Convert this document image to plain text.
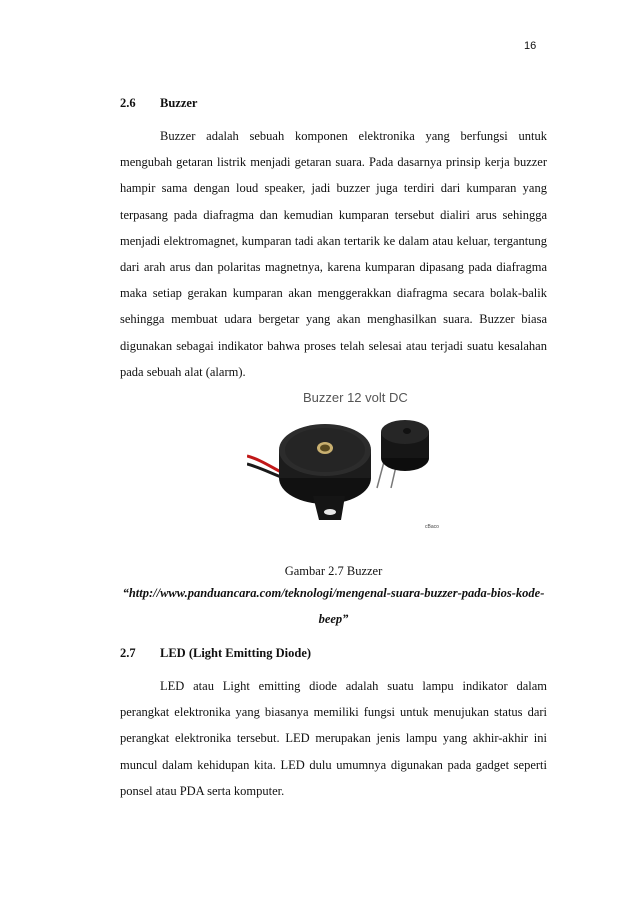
16
2.6 Buzzer

Buzzer adalah sebuah komponen elektronika yang berfungsi untuk mengubah getaran listrik menjadi getaran suara. Pada dasarnya prinsip kerja buzzer hampir sama dengan loud speaker, jadi buzzer juga terdiri dari kumparan yang terpasang pada diafragma dan kemudian kumparan tersebut dialiri arus sehingga menjadi elektromagnet, kumparan tadi akan tertarik ke dalam atau keluar, tergantung dari arah arus dan polaritas magnetnya, karena kumparan dipasang pada diafragma maka setiap gerakan kumparan akan menggerakkan diafragma secara bolak-balik sehingga membuat udara bergetar yang akan menghasilkan suara. Buzzer biasa digunakan sebagai indikator bahwa proses telah selesai atau terjadi suatu kesalahan pada sebuah alat (alarm).

Buzzer 12 volt DC
cBaco
Gambar 2.7 Buzzer
“http://www.panduancara.com/teknologi/mengenal-suara-buzzer-pada-bios-kode-beep”
2.7 LED (Light Emitting Diode)

LED atau Light emitting diode adalah suatu lampu indikator dalam perangkat elektronika yang biasanya memiliki fungsi untuk menujukan status dari perangkat elektronika tersebut. LED merupakan jenis lampu yang akhir-akhir ini muncul dalam kehidupan kita. LED dulu umumnya digunakan pada gadget seperti ponsel atau PDA serta komputer.
